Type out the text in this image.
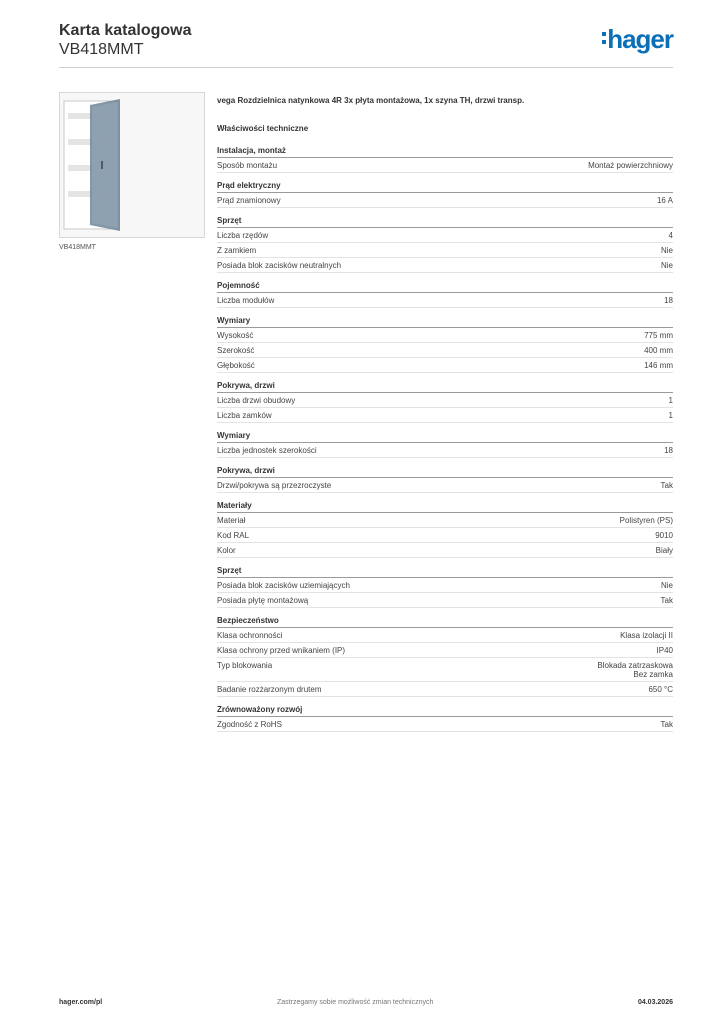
Karta katalogowa
VB418MMT	hager
VB418MMT
vega Rozdzielnica natynkowa 4R 3x płyta montażowa, 1x szyna TH, drzwi transp.
Właściwości techniczne
Instalacja, montaż
Sposób montażu	Montaż powierzchniowy
Prąd elektryczny
Prąd znamionowy	16 A
Sprzęt
Liczba rzędów	4
Z zamkiem	Nie
Posiada blok zacisków neutralnych	Nie
Pojemność
Liczba modułów	18
Wymiary
Wysokość	775 mm
Szerokość	400 mm
Głębokość	146 mm
Pokrywa, drzwi
Liczba drzwi obudowy	1
Liczba zamków	1
Wymiary
Liczba jednostek szerokości	18
Pokrywa, drzwi
Drzwi/pokrywa są przezroczyste	Tak
Materiały
Materiał	Polistyren (PS)
Kod RAL	9010
Kolor	Biały
Sprzęt
Posiada blok zacisków uziemiających	Nie
Posiada płytę montażową	Tak
Bezpieczeństwo
Klasa ochronności	Klasa izolacji II
Klasa ochrony przed wnikaniem (IP)	IP40
Typ blokowania	Blokada zatrzaskowa
Bez zamka
Badanie rozżarzonym drutem	650 °C
Zrównoważony rozwój
Zgodność z RoHS	Tak
hager.com/pl	Zastrzegamy sobie możliwość zmian technicznych	04.03.2026
